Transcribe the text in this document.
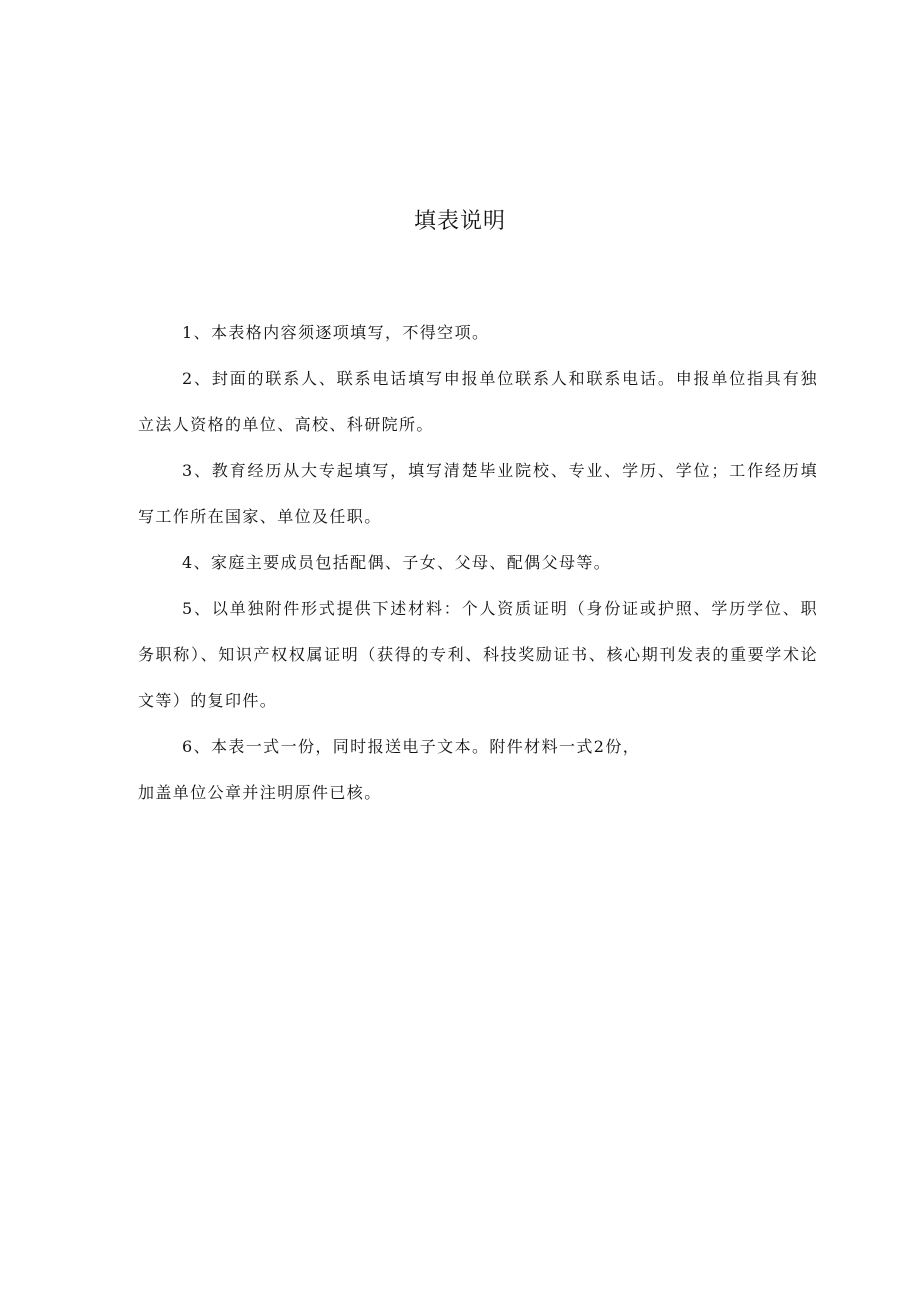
填表说明

1、本表格内容须逐项填写，不得空项。

2、封面的联系人、联系电话填写申报单位联系人和联系电话。申报单位指具有独立法人资格的单位、高校、科研院所。

3、教育经历从大专起填写，填写清楚毕业院校、专业、学历、学位；工作经历填写工作所在国家、单位及任职。

4、家庭主要成员包括配偶、子女、父母、配偶父母等。

5、以单独附件形式提供下述材料：个人资质证明（身份证或护照、学历学位、职务职称）、知识产权权属证明（获得的专利、科技奖励证书、核心期刊发表的重要学术论文等）的复印件。

6、本表一式一份，同时报送电子文本。附件材料一式2份，

加盖单位公章并注明原件已核。
